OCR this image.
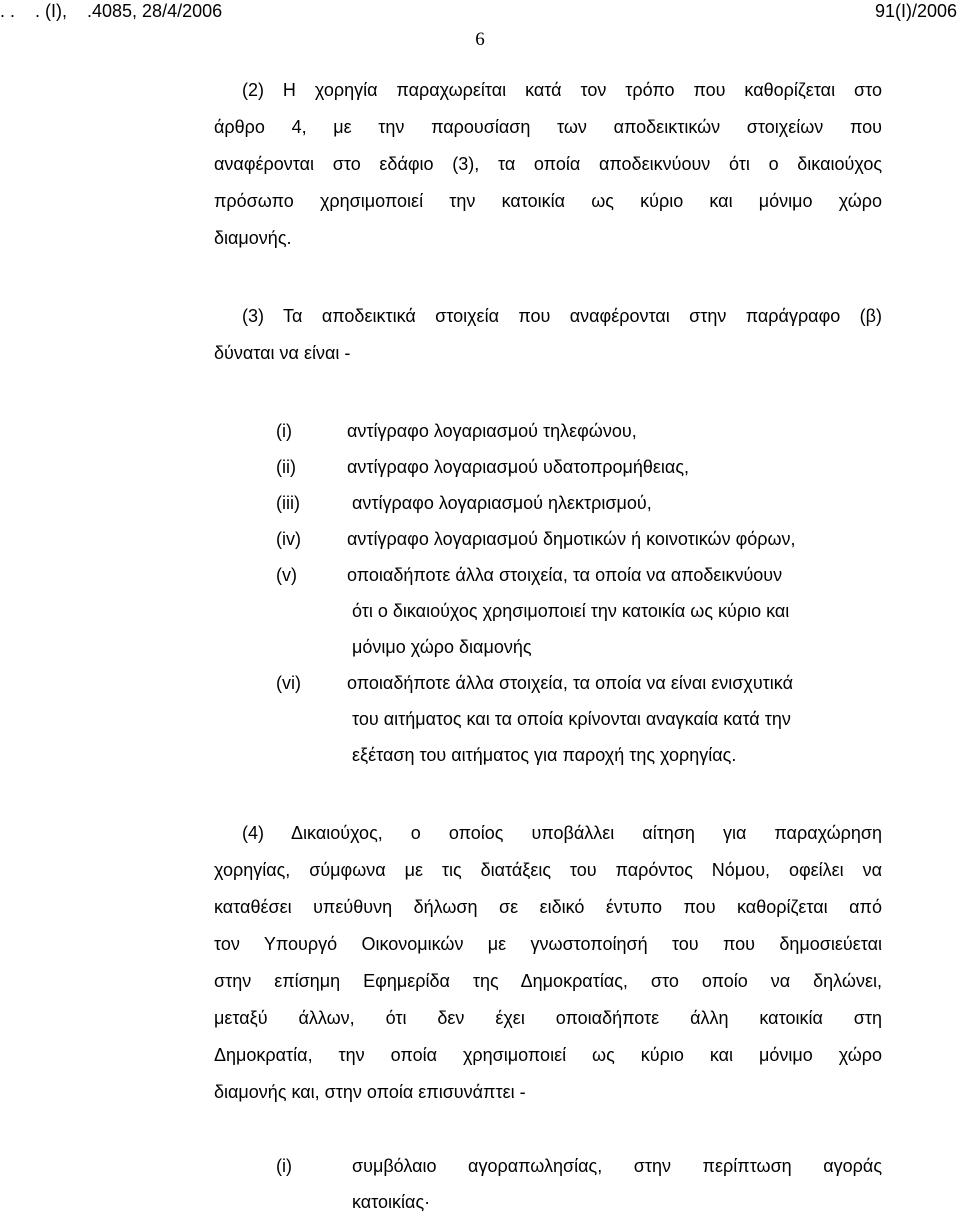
. .    . (Ι),    .4085, 28/4/2006	91(Ι)/2006
6
(2) Η χορηγία παραχωρείται κατά τον τρόπο που καθορίζεται στο
άρθρο 4, με την παρουσίαση των αποδεικτικών στοιχείων που
αναφέρονται στο εδάφιο (3), τα οποία αποδεικνύουν ότι ο δικαιούχος
πρόσωπο χρησιμοποιεί την κατοικία ως κύριο και μόνιμο χώρο
διαμονής.
(3) Τα αποδεικτικά στοιχεία που αναφέρονται στην παράγραφο (β)
δύναται να είναι -
(i)	αντίγραφο λογαριασμού τηλεφώνου,
(ii)	αντίγραφο λογαριασμού υδατοπρομήθειας,
(iii)	αντίγραφο λογαριασμού ηλεκτρισμού,
(iv)	αντίγραφο λογαριασμού δημοτικών ή κοινοτικών φόρων,
(v)	οποιαδήποτε άλλα στοιχεία, τα οποία να αποδεικνύουν
ότι ο δικαιούχος χρησιμοποιεί την κατοικία ως κύριο και
μόνιμο χώρο διαμονής
(vi)	οποιαδήποτε άλλα στοιχεία, τα οποία να είναι ενισχυτικά
του αιτήματος και τα οποία κρίνονται αναγκαία κατά την
εξέταση του αιτήματος για παροχή της χορηγίας.
(4) Δικαιούχος, ο οποίος υποβάλλει αίτηση για παραχώρηση
χορηγίας, σύμφωνα με τις διατάξεις του παρόντος Νόμου, οφείλει να
καταθέσει υπεύθυνη δήλωση σε ειδικό έντυπο που καθορίζεται από
τον Υπουργό Οικονομικών με γνωστοποίησή του που δημοσιεύεται
στην επίσημη Εφημερίδα της Δημοκρατίας, στο οποίο να δηλώνει,
μεταξύ άλλων, ότι δεν έχει οποιαδήποτε άλλη κατοικία στη
Δημοκρατία, την οποία χρησιμοποιεί ως κύριο και μόνιμο χώρο
διαμονής και, στην οποία επισυνάπτει -
(i)	συμβόλαιο αγοραπωλησίας, στην περίπτωση αγοράς
κατοικίας·
